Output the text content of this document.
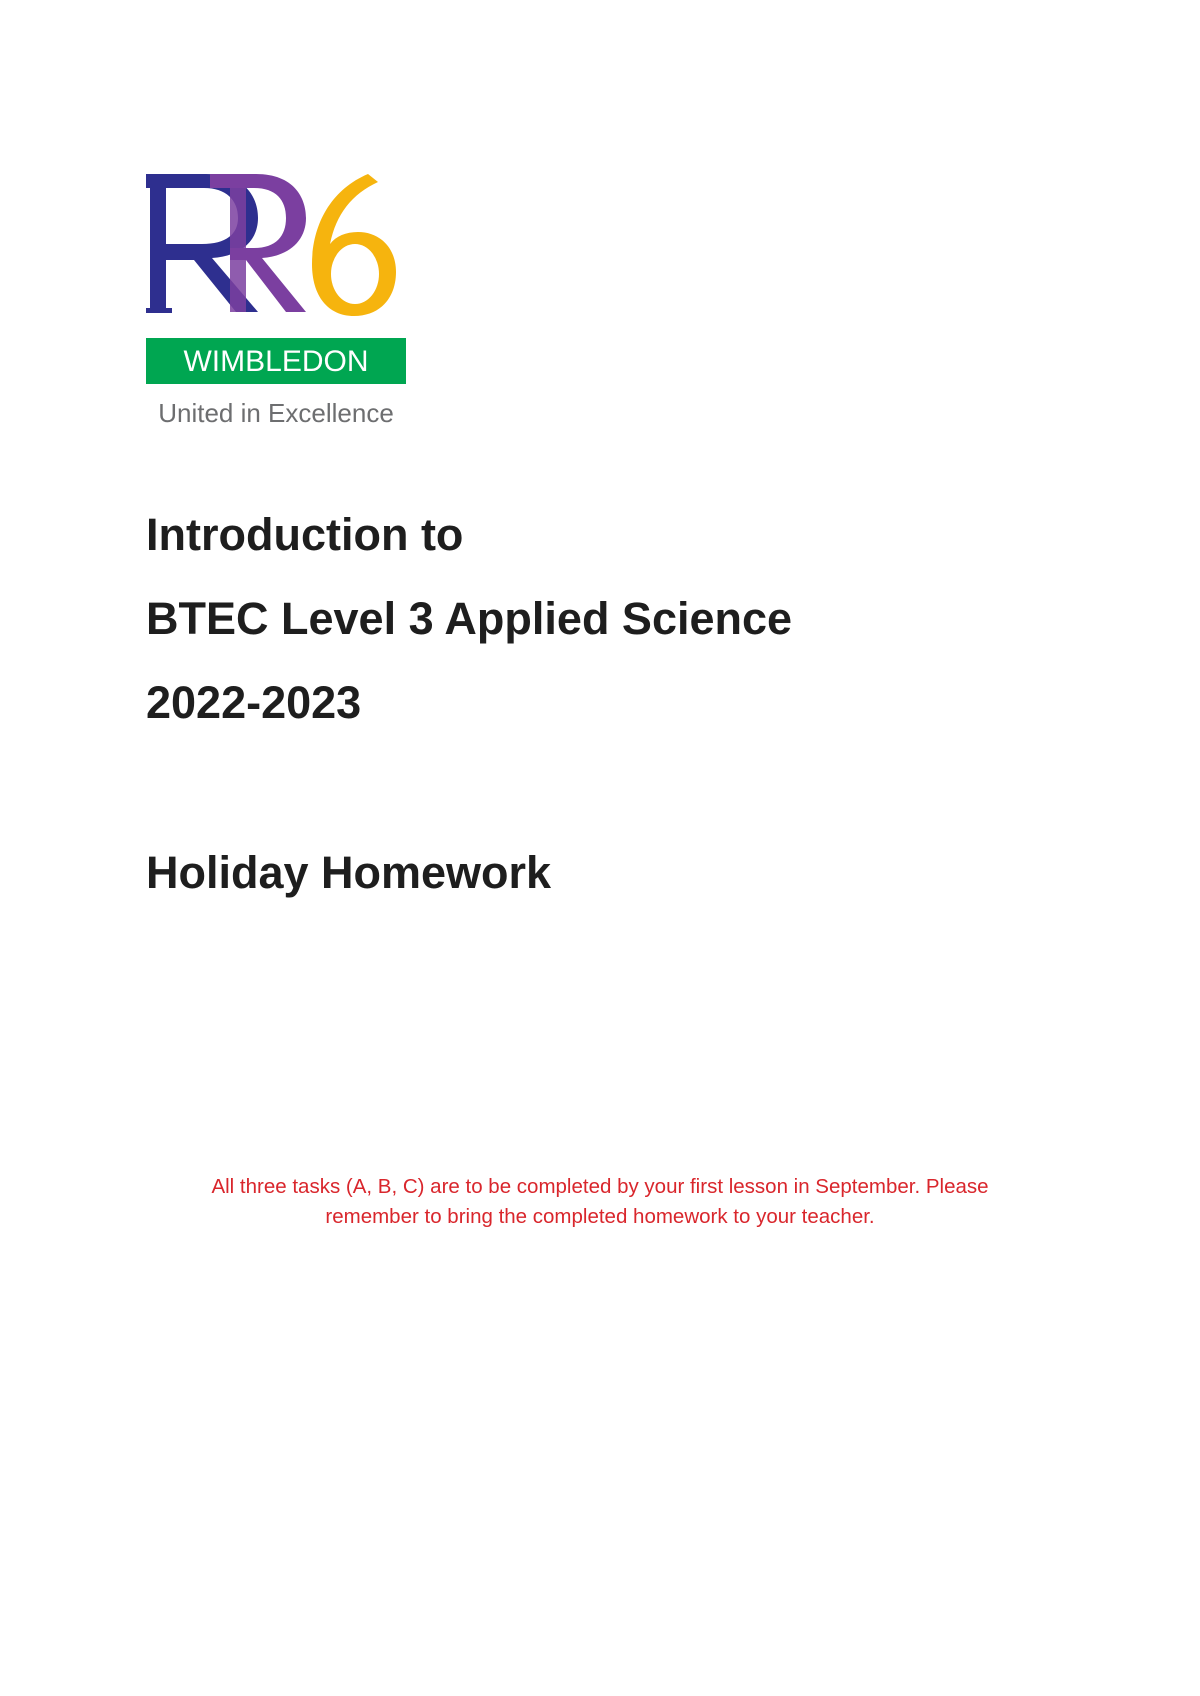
WIMBLEDON
United in Excellence
Introduction to
BTEC Level 3 Applied Science
2022-2023
Holiday Homework

All three tasks (A, B, C) are to be completed by your first lesson in September. Please
remember to bring the completed homework to your teacher.
